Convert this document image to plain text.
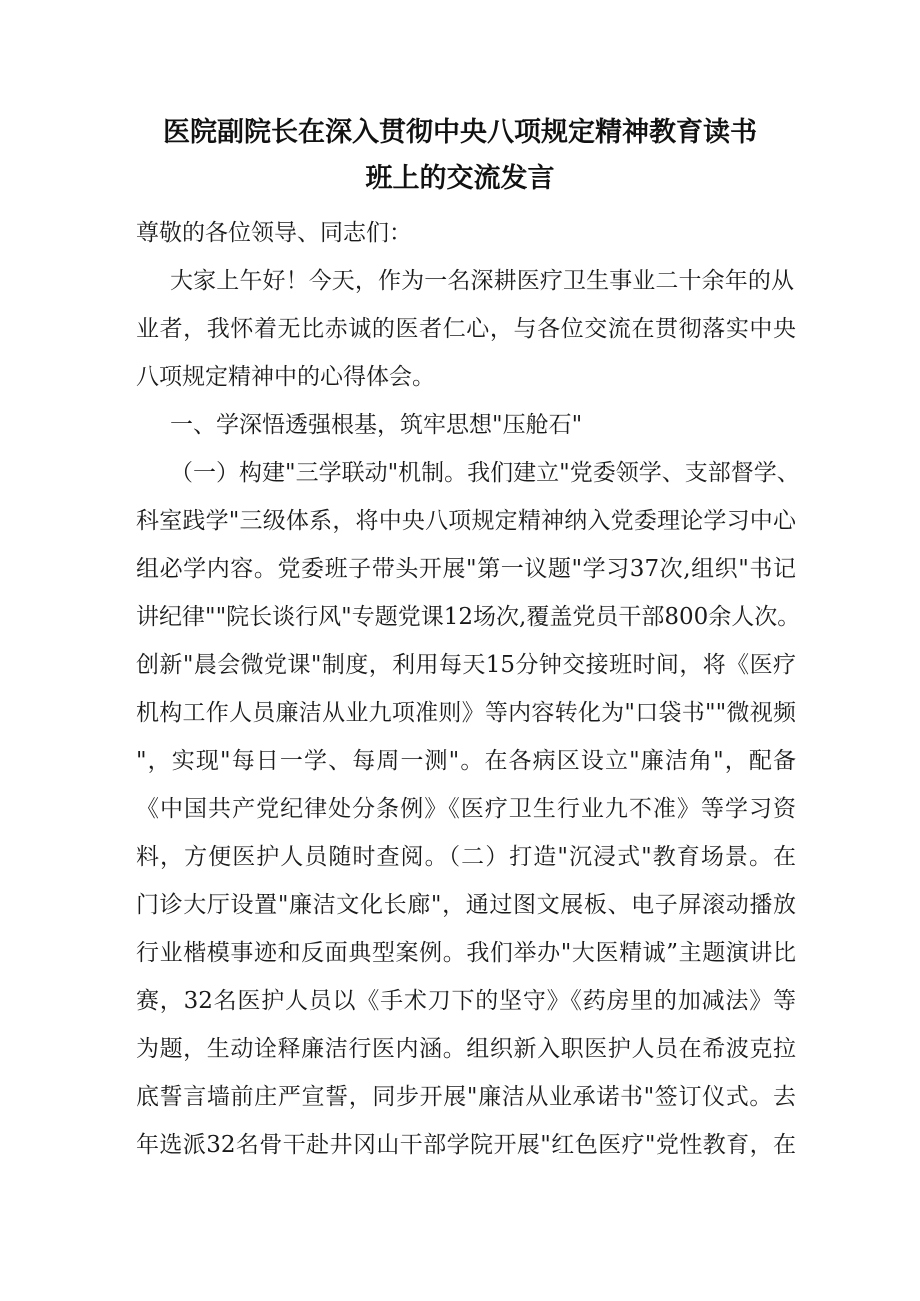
医院副院长在深入贯彻中央八项规定精神教育读书
班上的交流发言
尊敬的各位领导、同志们：
大家上午好！今天，作为一名深耕医疗卫生事业二十余年的从
业者，我怀着无比赤诚的医者仁心，与各位交流在贯彻落实中央
八项规定精神中的心得体会。
一、学深悟透强根基，筑牢思想"压舱石"
（一）构建"三学联动"机制。我们建立"党委领学、支部督学、
科室践学"三级体系，将中央八项规定精神纳入党委理论学习中心
组必学内容。党委班子带头开展"第一议题"学习37次,组织"书记
讲纪律""院长谈行风"专题党课12场次,覆盖党员干部800余人次。
创新"晨会微党课"制度，利用每天15分钟交接班时间，将《医疗
机构工作人员廉洁从业九项准则》等内容转化为"口袋书""微视频
"，实现"每日一学、每周一测"。在各病区设立"廉洁角"，配备
《中国共产党纪律处分条例》《医疗卫生行业九不准》等学习资
料，方便医护人员随时查阅。（二）打造"沉浸式"教育场景。在
门诊大厅设置"廉洁文化长廊"，通过图文展板、电子屏滚动播放
行业楷模事迹和反面典型案例。我们举办"大医精诚”主题演讲比
赛，32名医护人员以《手术刀下的坚守》《药房里的加减法》等
为题，生动诠释廉洁行医内涵。组织新入职医护人员在希波克拉
底誓言墙前庄严宣誓，同步开展"廉洁从业承诺书"签订仪式。去
年选派32名骨干赴井冈山干部学院开展"红色医疗"党性教育，在
